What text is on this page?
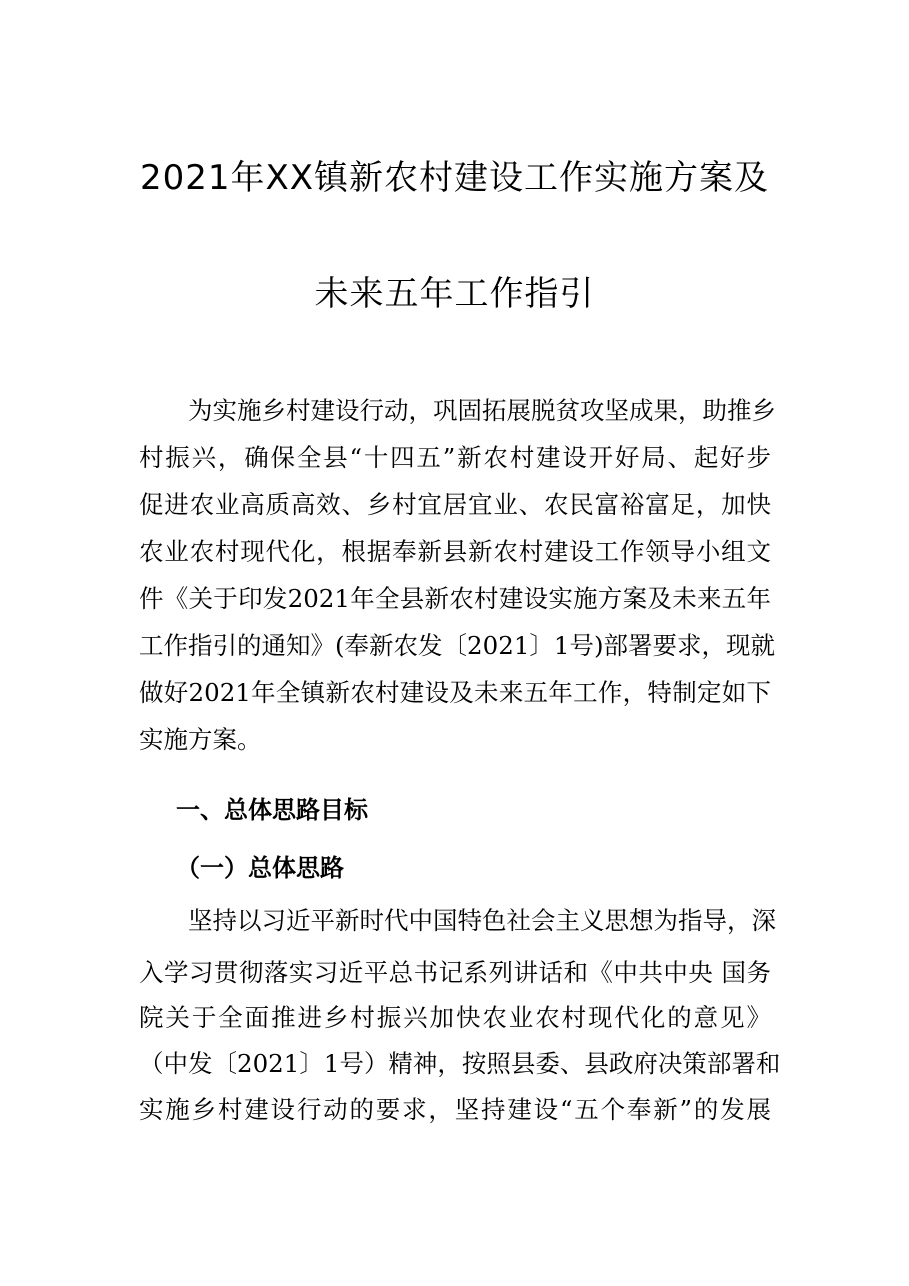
2021年XX镇新农村建设工作实施方案及
未来五年工作指引
　　为实施乡村建设行动，巩固拓展脱贫攻坚成果，助推乡
村振兴，确保全县“十四五”新农村建设开好局、起好步
促进农业高质高效、乡村宜居宜业、农民富裕富足，加快
农业农村现代化，根据奉新县新农村建设工作领导小组文
件《关于印发2021年全县新农村建设实施方案及未来五年
工作指引的通知》(奉新农发〔2021〕1号)部署要求，现就
做好2021年全镇新农村建设及未来五年工作，特制定如下
实施方案。
一、总体思路目标
（一）总体思路
　　坚持以习近平新时代中国特色社会主义思想为指导，深
入学习贯彻落实习近平总书记系列讲话和《中共中央 国务
院关于全面推进乡村振兴加快农业农村现代化的意见》
（中发〔2021〕1号）精神，按照县委、县政府决策部署和
实施乡村建设行动的要求，坚持建设“五个奉新”的发展
